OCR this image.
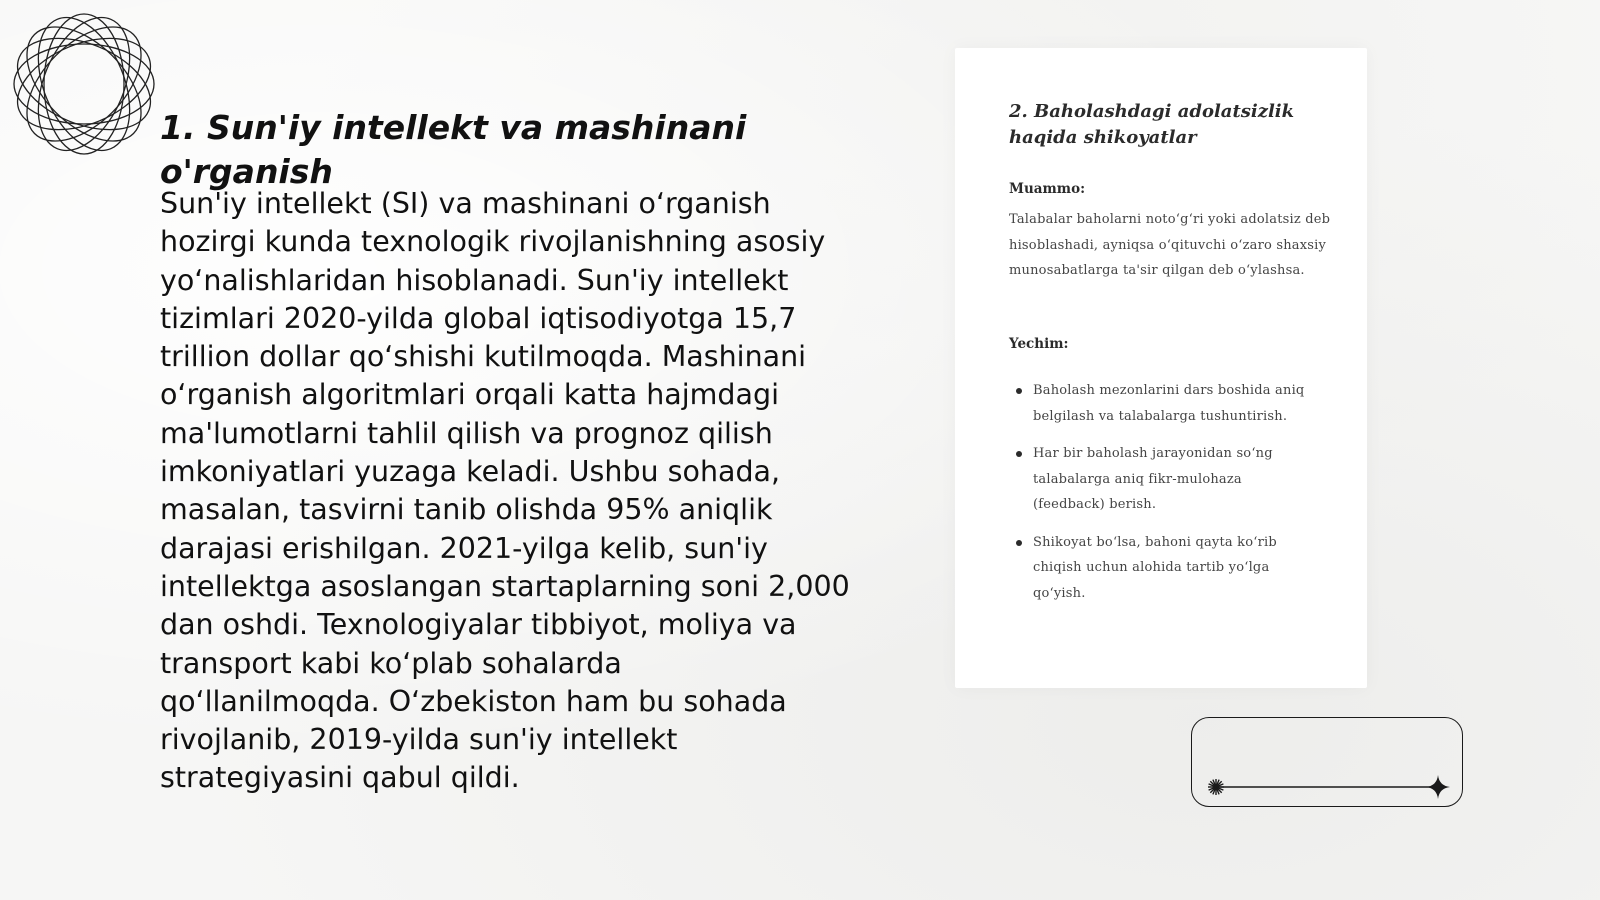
1. Sun'iy intellekt va mashinani o'rganish

Sun'iy intellekt (SI) va mashinani oʻrganish hozirgi kunda texnologik rivojlanishning asosiy yoʻnalishlaridan hisoblanadi. Sun'iy intellekt tizimlari 2020-yilda global iqtisodiyotga 15,7 trillion dollar qoʻshishi kutilmoqda. Mashinani oʻrganish algoritmlari orqali katta hajmdagi ma'lumotlarni tahlil qilish va prognoz qilish imkoniyatlari yuzaga keladi. Ushbu sohada, masalan, tasvirni tanib olishda 95% aniqlik darajasi erishilgan. 2021-yilga kelib, sun'iy intellektga asoslangan startaplarning soni 2,000 dan oshdi. Texnologiyalar tibbiyot, moliya va transport kabi koʻplab sohalarda qoʻllanilmoqda. Oʻzbekiston ham bu sohada rivojlanib, 2019-yilda sun'iy intellekt strategiyasini qabul qildi.

2. Baholashdagi adolatsizlik haqida shikoyatlar
Muammo:

Talabalar baholarni notoʻgʻri yoki adolatsiz deb hisoblashadi, ayniqsa oʻqituvchi oʻzaro shaxsiy munosabatlarga ta'sir qilgan deb oʻylashsa.

Yechim:
Baholash mezonlarini dars boshida aniq belgilash va talabalarga tushuntirish.
Har bir baholash jarayonidan soʻng talabalarga aniq fikr-mulohaza (feedback) berish.
Shikoyat boʻlsa, bahoni qayta koʻrib chiqish uchun alohida tartib yoʻlga qoʻyish.
